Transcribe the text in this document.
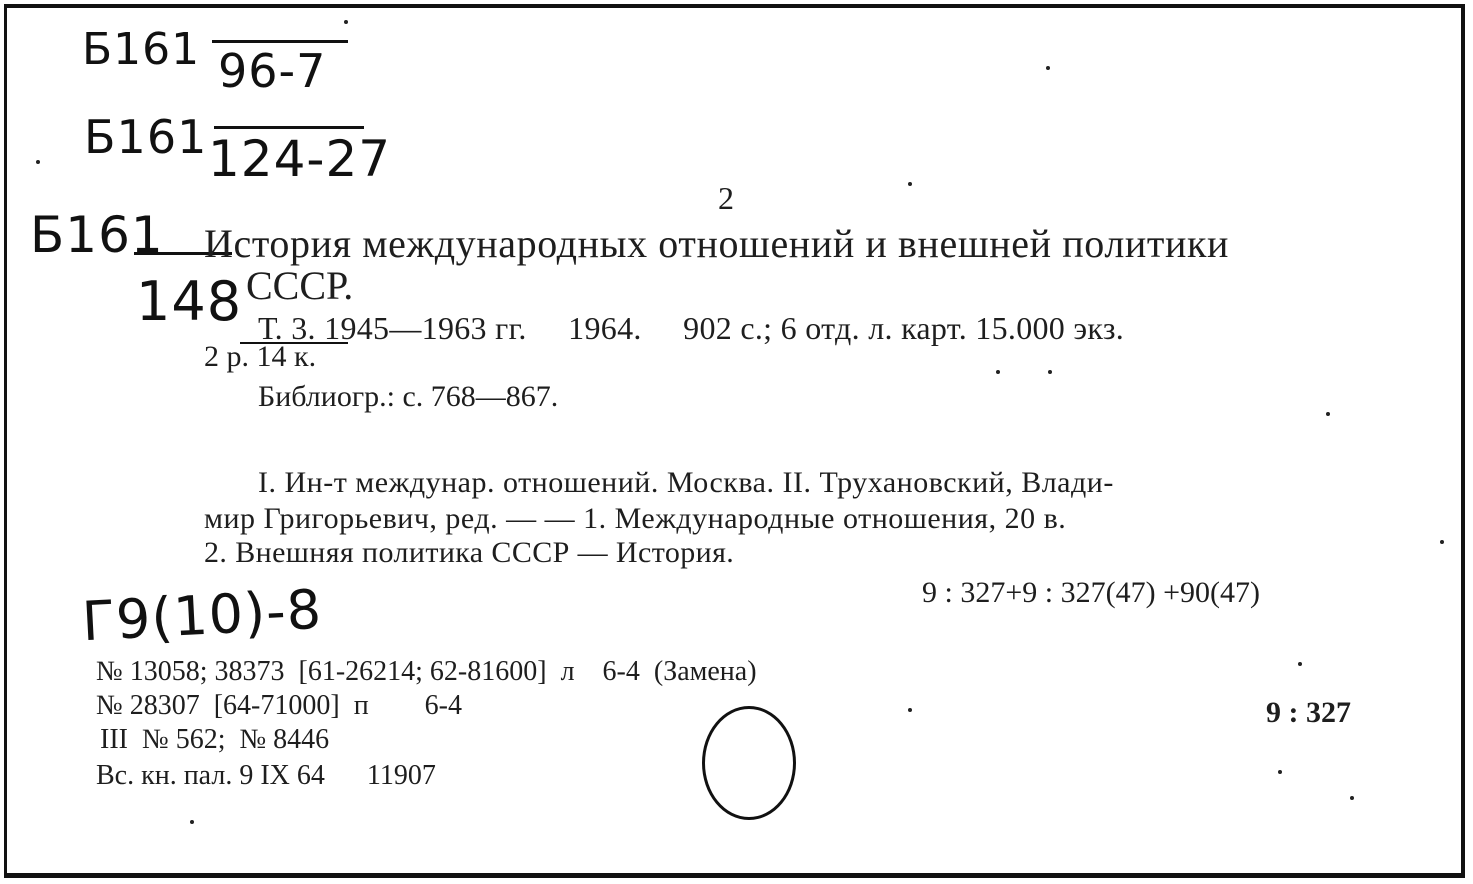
Б161 96-7
Б161 124-27
Б161
148
Г9(10)-8
2
История международных отношений и внешней политики
СССР.
Т. 3. 1945—1963 гг.     1964.     902 с.; 6 отд. л. карт. 15.000 экз.
2 р. 14 к.
Библиогр.: с. 768—867.
I. Ин-т междунар. отношений. Москва. II. Трухановский, Влади-
мир Григорьевич, ред. — — 1. Международные отношения, 20 в.
2. Внешняя политика СССР — История.
9 : 327+9 : 327(47) +90(47)
№ 13058; 38373  [61-26214; 62-81600]  л    6-4  (Замена)
№ 28307  [64-71000]  п        6-4
III  № 562;  № 8446
Вс. кн. пал. 9 IX 64      11907
9 : 327
